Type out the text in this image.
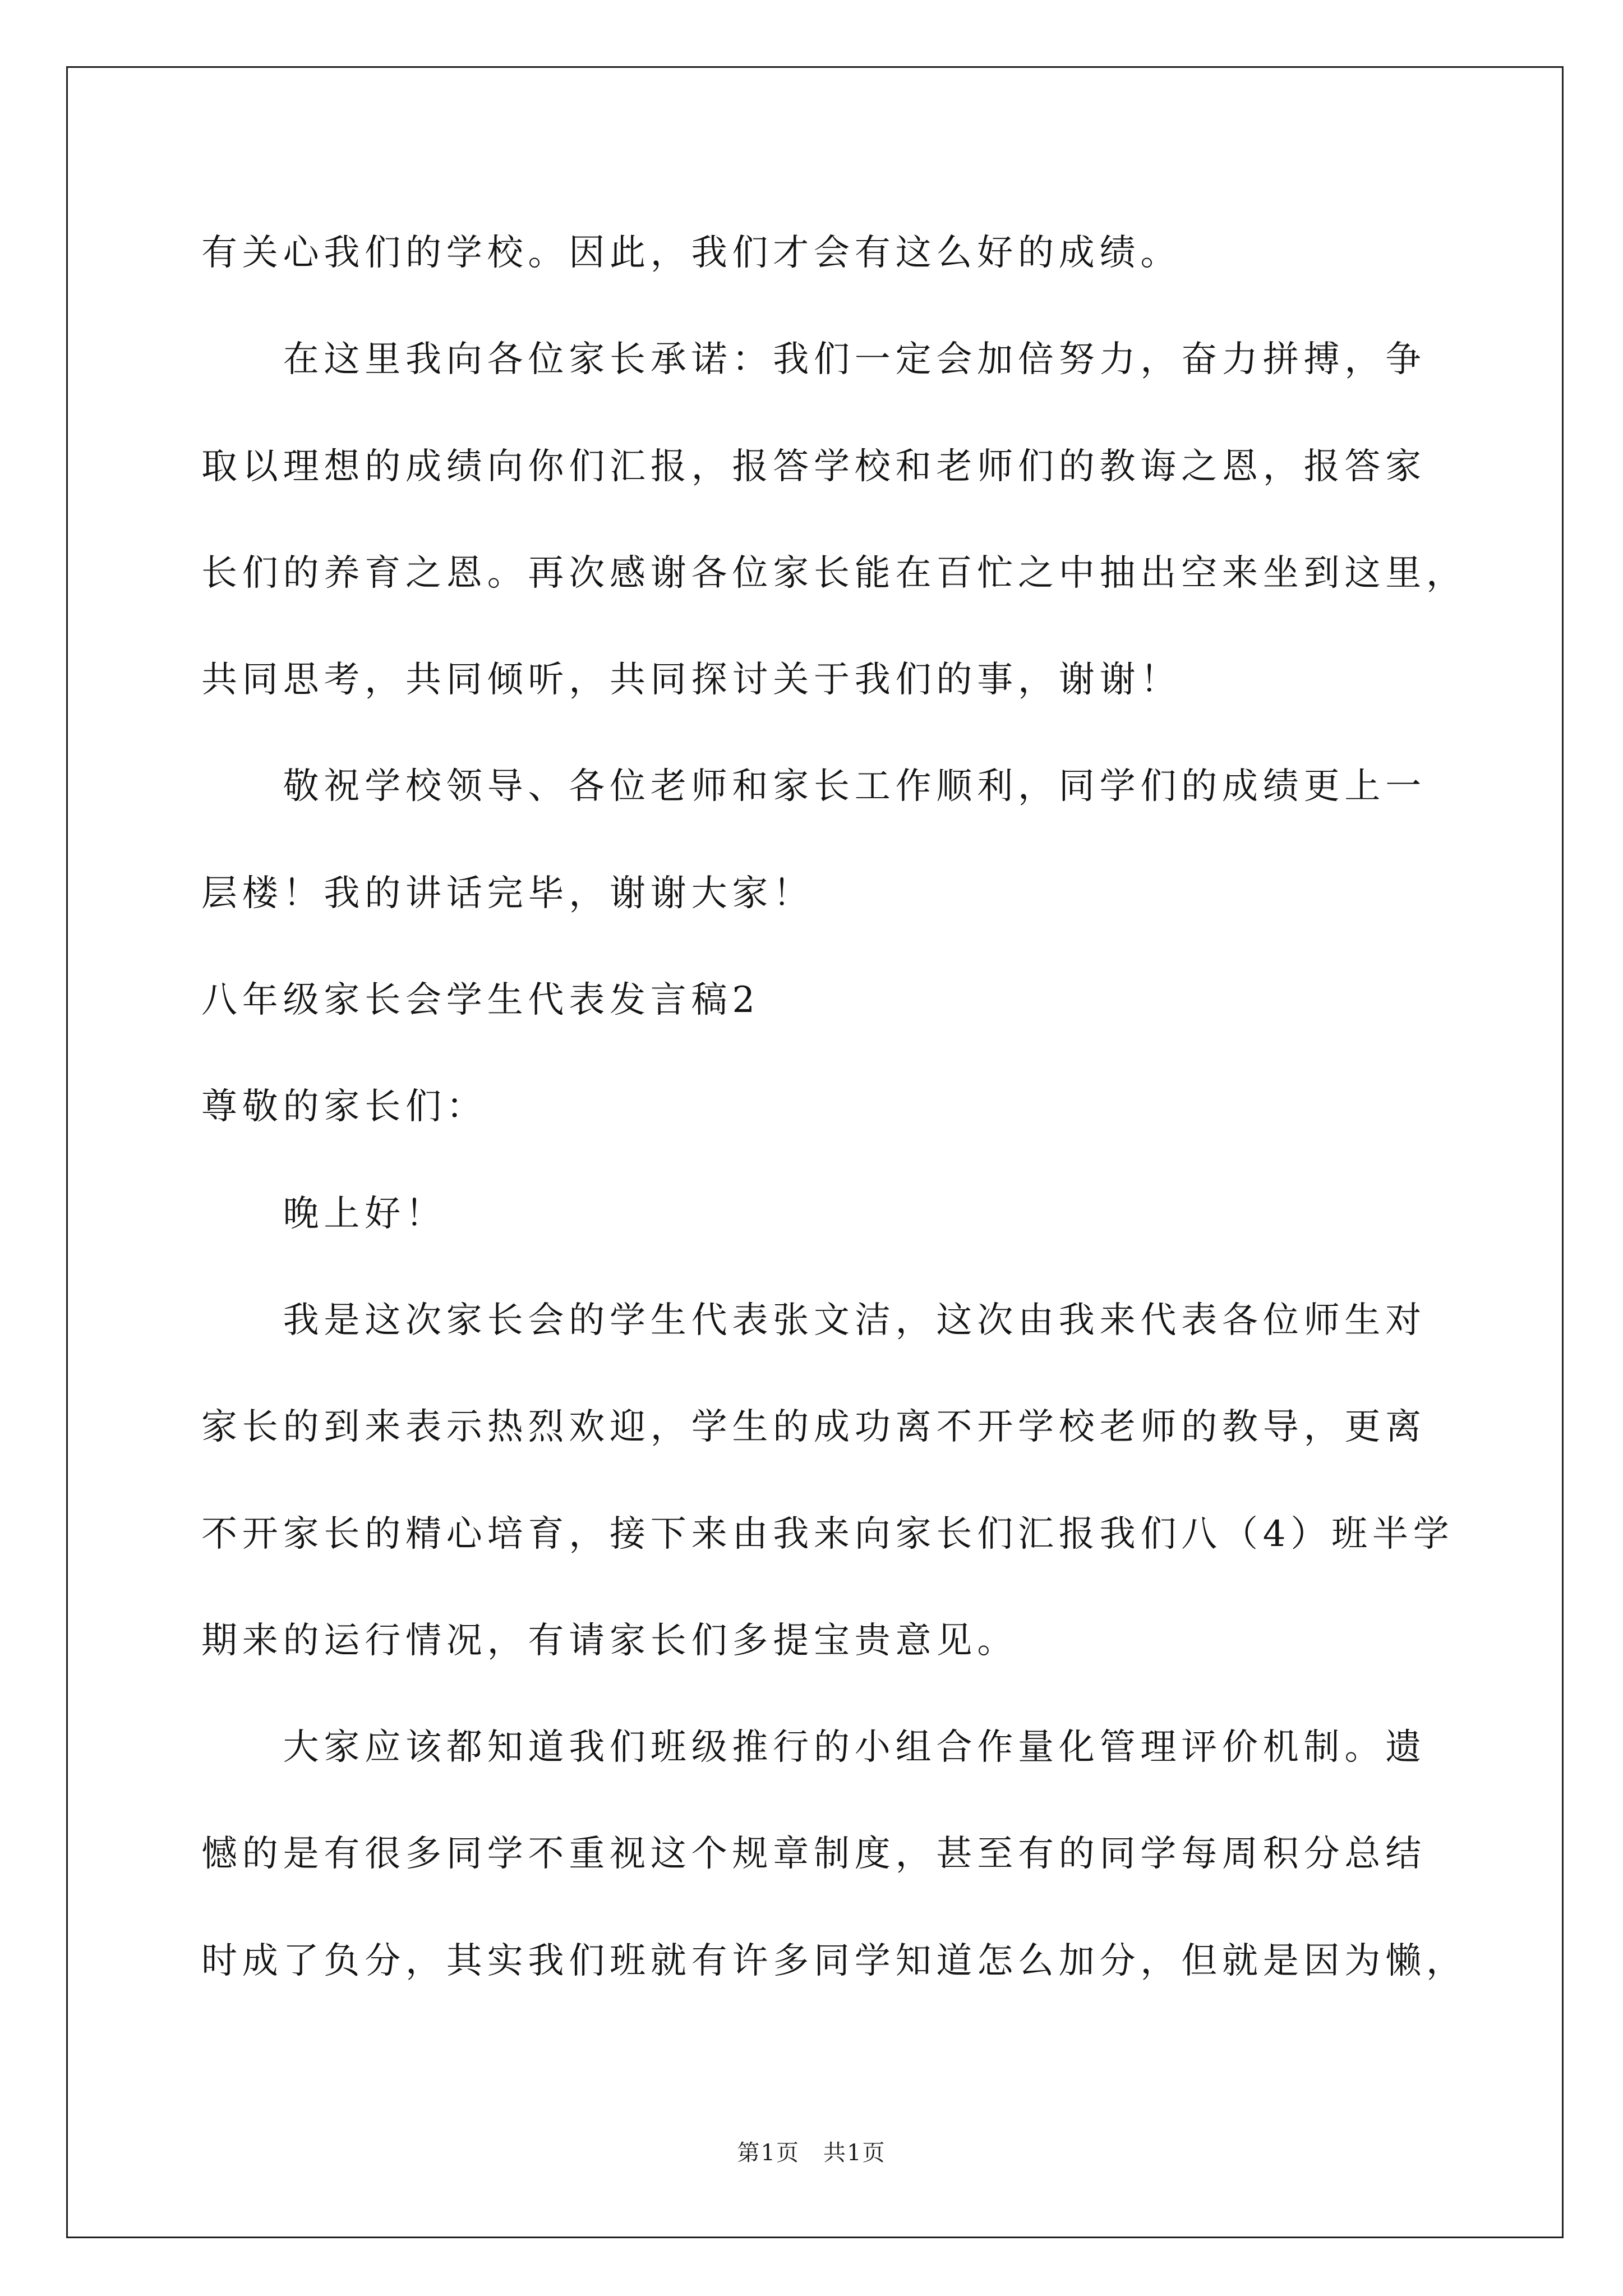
有关心我们的学校。因此，我们才会有这么好的成绩。
在这里我向各位家长承诺：我们一定会加倍努力，奋力拼搏，争
取以理想的成绩向你们汇报，报答学校和老师们的教诲之恩，报答家
长们的养育之恩。再次感谢各位家长能在百忙之中抽出空来坐到这里，
共同思考，共同倾听，共同探讨关于我们的事，谢谢！
敬祝学校领导、各位老师和家长工作顺利，同学们的成绩更上一
层楼！我的讲话完毕，谢谢大家！
八年级家长会学生代表发言稿2
尊敬的家长们：
晚上好！
我是这次家长会的学生代表张文洁，这次由我来代表各位师生对
家长的到来表示热烈欢迎，学生的成功离不开学校老师的教导，更离
不开家长的精心培育，接下来由我来向家长们汇报我们八（4）班半学
期来的运行情况，有请家长们多提宝贵意见。
大家应该都知道我们班级推行的小组合作量化管理评价机制。遗
憾的是有很多同学不重视这个规章制度，甚至有的同学每周积分总结
时成了负分，其实我们班就有许多同学知道怎么加分，但就是因为懒，
第1页　共1页
